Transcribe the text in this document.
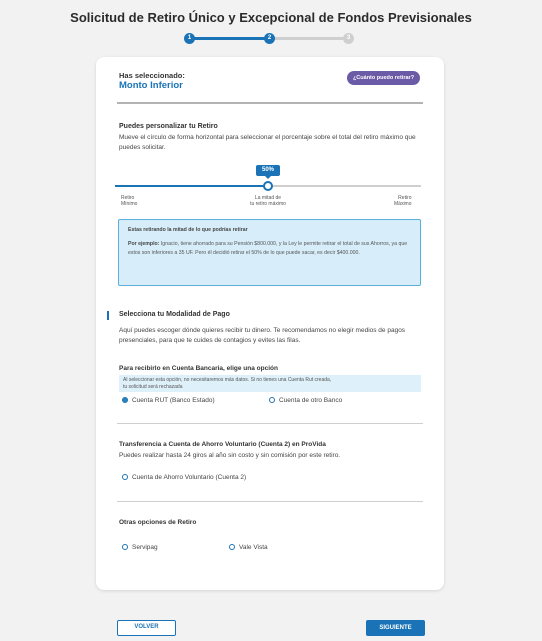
Solicitud de Retiro Único y Excepcional de Fondos Previsionales
1	2	3
Has seleccionado:
Monto Inferior
¿Cuánto puedo retirar?
Puedes personalizar tu Retiro
Mueve el círculo de forma horizontal para seleccionar el porcentaje sobre el total del retiro máximo que puedes solicitar.
50%
Retiro
Mínimo
La mitad de
tu retiro máximo
Retiro
Máximo
Estas retirando la mitad de lo que podrías retirar
Por ejemplo: Ignacio, tiene ahorrado para su Pensión $800.000, y la Ley le permite retirar el total de sus Ahorros, ya que estos son inferiores a 35 UF. Pero él decidió retirar el 50% de lo que puede sacar, es decir $400.000.
Selecciona tu Modalidad de Pago
Aquí puedes escoger dónde quieres recibir tu dinero. Te recomendamos no elegir medios de pagos presenciales, para que te cuides de contagios y evites las filas.
Para recibirlo en Cuenta Bancaria, elige una opción
Al seleccionar esta opción, no necesitaremos más datos. Si no tienes una Cuenta Rut creada,
tu solicitud será rechazada
Cuenta RUT (Banco Estado)	Cuenta de otro Banco
Transferencia a Cuenta de Ahorro Voluntario (Cuenta 2) en ProVida
Puedes realizar hasta 24 giros al año sin costo y sin comisión por este retiro.
Cuenta de Ahorro Voluntario (Cuenta 2)
Otras opciones de Retiro
Servipag	Vale Vista
VOLVER	SIGUIENTE
